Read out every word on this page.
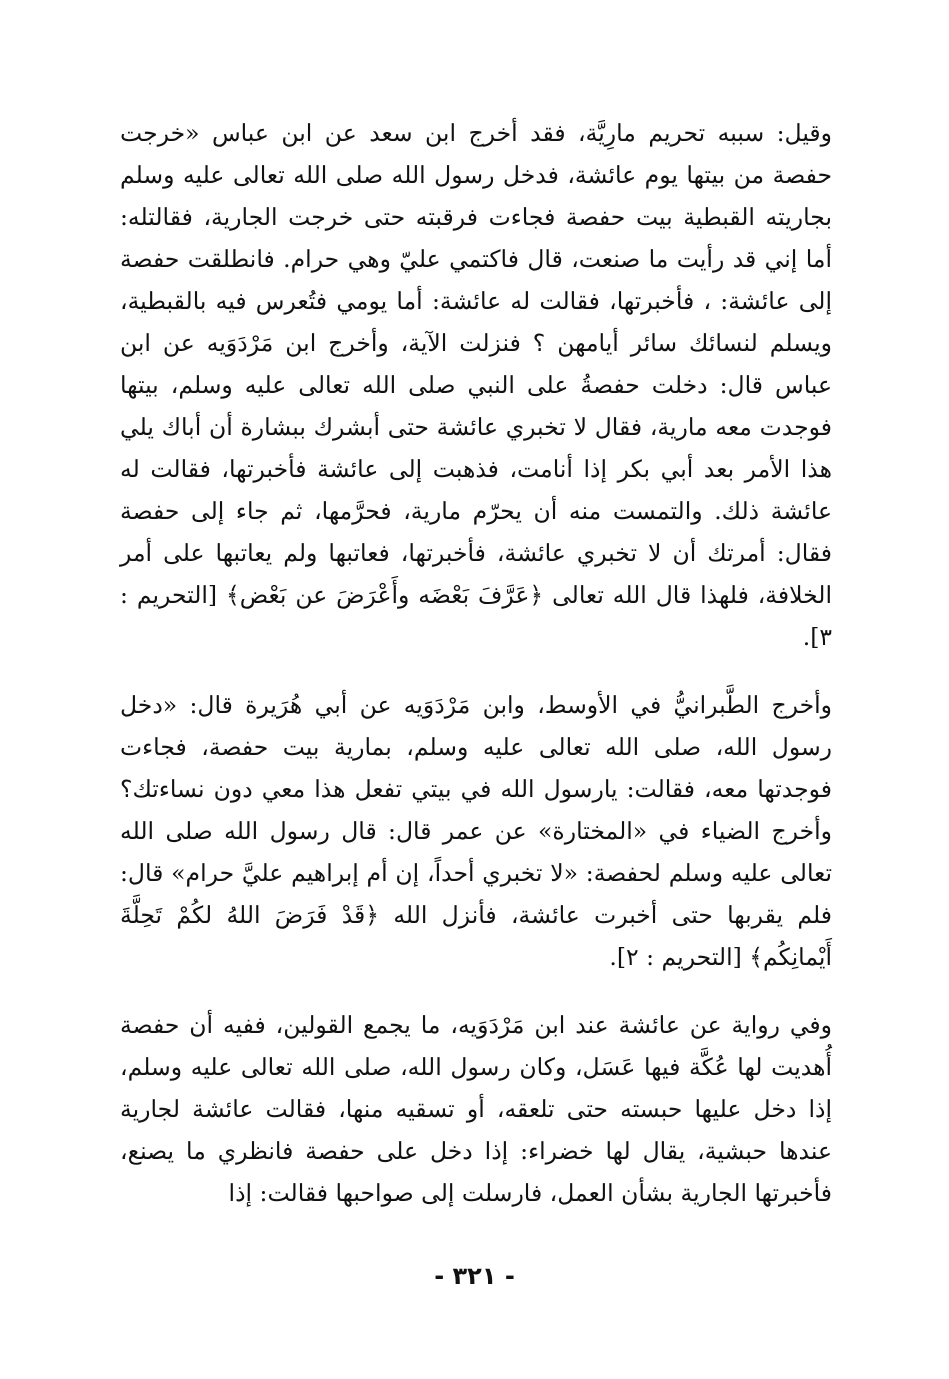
وقيل: سببه تحريم مارِيَّة، فقد أخرج ابن سعد عن ابن عباس «خرجت حفصة من بيتها يوم عائشة، فدخل رسول الله صلى الله تعالى عليه وسلم بجاريته القبطية بيت حفصة فجاءت فرقبته حتى خرجت الجارية، فقالتله: أما إني قد رأيت ما صنعت، قال فاكتمي عليّ وهي حرام. فانطلقت حفصة إلى عائشة: ، فأخبرتها، فقالت له عائشة: أما يومي فتُعرس فيه بالقبطية، ويسلم لنسائك سائر أيامهن ؟ فنزلت الآية، وأخرج ابن مَرْدَوَيه عن ابن عباس قال: دخلت حفصةُ على النبي صلى الله تعالى عليه وسلم، بيتها فوجدت معه مارية، فقال لا تخبري عائشة حتى أبشرك ببشارة أن أباك يلي هذا الأمر بعد أبي بكر إذا أنامت، فذهبت إلى عائشة فأخبرتها، فقالت له عائشة ذلك. والتمست منه أن يحرّم مارية، فحرَّمها، ثم جاء إلى حفصة فقال: أمرتك أن لا تخبري عائشة، فأخبرتها، فعاتبها ولم يعاتبها على أمر الخلافة، فلهذا قال الله تعالى ﴿عَرَّفَ بَعْضَه وأَعْرَضَ عن بَعْض﴾ [التحريم : ٣].

وأخرج الطَّبرانيُّ في الأوسط، وابن مَرْدَوَيه عن أبي هُرَيرة قال: «دخل رسول الله، صلى الله تعالى عليه وسلم، بمارية بيت حفصة، فجاءت فوجدتها معه، فقالت: يارسول الله في بيتي تفعل هذا معي دون نساءتك؟ وأخرج الضياء في «المختارة» عن عمر قال: قال رسول الله صلى الله تعالى عليه وسلم لحفصة: «لا تخبري أحداً، إن أم إبراهيم عليَّ حرام» قال: فلم يقربها حتى أخبرت عائشة، فأنزل الله ﴿قَدْ فَرَضَ اللهُ لكُمْ تَحِلَّةَ أَيْمانِكُم﴾ [التحريم : ٢].

وفي رواية عن عائشة عند ابن مَرْدَوَيه، ما يجمع القولين، ففيه أن حفصة أُهديت لها عُكَّة فيها عَسَل، وكان رسول الله، صلى الله تعالى عليه وسلم، إذا دخل عليها حبسته حتى تلعقه، أو تسقيه منها، فقالت عائشة لجارية عندها حبشية، يقال لها خضراء: إذا دخل على حفصة فانظري ما يصنع، فأخبرتها الجارية بشأن العمل، فارسلت إلى صواحبها فقالت: إذا

- ٣٢١ -
